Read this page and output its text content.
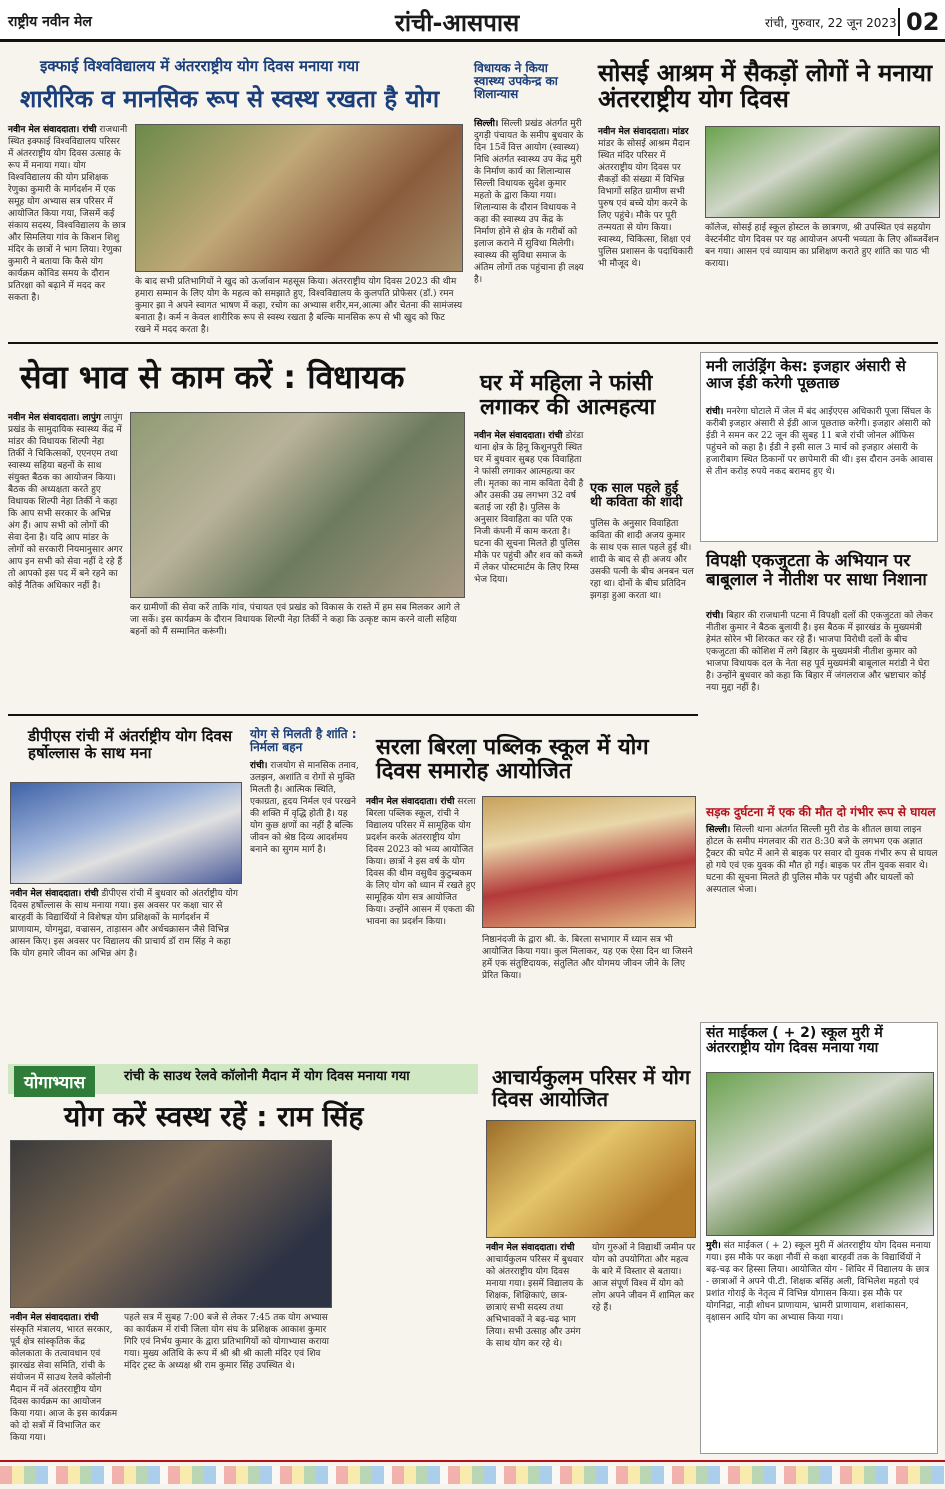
राष्ट्रीय नवीन मेल	रांची-आसपास	रांची, गुरुवार, 22 जून 2023 02
इक्फाई विश्वविद्यालय में अंतरराष्ट्रीय योग दिवस मनाया गया
शारीरिक व मानसिक रूप से स्वस्थ रखता है योग
नवीन मेल संवाददाता। रांची राजधानी स्थित इक्फाई विश्वविद्यालय परिसर में अंतरराष्ट्रीय योग दिवस उत्साह के रूप में मनाया गया। योग विश्वविद्यालय की योग प्रशिक्षक रेणुका कुमारी के मार्गदर्शन में एक समूह योग अभ्यास सत्र परिसर में आयोजित किया गया, जिसमें कई संकाय सदस्य, विश्वविद्यालय के छात्र और सिमलिया गांव के किशन शिशु मंदिर के छात्रों ने भाग लिया। रेणुका कुमारी ने बताया कि कैसे योग कार्यक्रम कोविड समय के दौरान प्रतिरक्षा को बढ़ाने में मदद कर सकता है।
के बाद सभी प्रतिभागियों ने खुद को ऊर्जावान महसूस किया। अंतरराष्ट्रीय योग दिवस 2023 की थीम हमारा सम्मान के लिए योग के महत्व को समझाते हुए, विश्वविद्यालय के कुलपति प्रोफेसर (डॉ.) रमन कुमार झा ने अपने स्वागत भाषण में कहा, रचोग का अभ्यास शरीर,मन,आत्मा और चेतना की सामंजस्य बनाता है। कर्म न केवल शारीरिक रूप से स्वस्थ रखता है बल्कि मानसिक रूप से भी खुद को फिट रखने में मदद करता है।
विधायक ने किया स्वास्थ्य उपकेन्द्र का शिलान्यास
सिल्ली। सिल्ली प्रखंड अंतर्गत मुरी दुगड़ी पंचायत के समीप बुधवार के दिन 15वें वित्त आयोग (स्वास्थ्य) निधि अंतर्गत स्वास्थ्य उप केंद्र मुरी के निर्माण कार्य का शिलान्यास सिल्ली विधायक सुदेश कुमार महतो के द्वारा किया गया। शिलान्यास के दौरान विधायक ने कहा की स्वास्थ्य उप केंद्र के निर्माण होने से क्षेत्र के गरीबों को इलाज कराने में सुविधा मिलेगी। स्वास्थ्य की सुविधा समाज के अंतिम लोगों तक पहुंचाना ही लक्ष्य है।
सोसई आश्रम में सैकड़ों लोगों ने मनाया अंतरराष्ट्रीय योग दिवस
नवीन मेल संवाददाता। मांडर मांडर के सोसई आश्रम मैदान स्थित मंदिर परिसर में अंतरराष्ट्रीय योग दिवस पर सैकड़ों की संख्या में विभिन्न विभागों सहित ग्रामीण सभी पुरुष एवं बच्चे योग करने के लिए पहुंचे। मौके पर पूरी तन्मयता से योग किया। स्वास्थ्य, चिकित्सा, शिक्षा एवं पुलिस प्रशासन के पदाधिकारी भी मौजूद थे।
कॉलेज, सोसई हाई स्कूल होस्टल के छात्रगण, श्री उपस्थित एवं सहयोग वेस्टर्नमीट योग दिवस पर यह आयोजन अपनी भव्यता के लिए ऑब्जर्वेशन बन गया। आसन एवं व्यायाम का प्रशिक्षण कराते हुए शांति का पाठ भी कराया।
मनी लाउंड्रिंग केस: इजहार अंसारी से आज ईडी करेगी पूछताछ
रांची। मनरेगा घोटाले में जेल में बंद आईएएस अधिकारी पूजा सिंघल के करीबी इजहार अंसारी से ईडी आज पूछताछ करेगी। इजहार अंसारी को ईडी ने समन कर 22 जून की सुबह 11 बजे रांची जोनल ऑफिस पहुंचने को कहा है। ईडी ने इसी साल 3 मार्च को इजहार अंसारी के हजारीबाग स्थित ठिकानों पर छापेमारी की थी। इस दौरान उनके आवास से तीन करोड़ रुपये नकद बरामद हुए थे।
सेवा भाव से काम करें : विधायक
नवीन मेल संवाददाता। लापुंग लापुंग प्रखंड के सामुदायिक स्वास्थ्य केंद्र में मांडर की विधायक शिल्पी नेहा तिर्की ने चिकित्सकों, एएनएम तथा स्वास्थ्य सहिया बहनों के साथ संयुक्त बैठक का आयोजन किया। बैठक की अध्यक्षता करते हुए विधायक शिल्पी नेहा तिर्की ने कहा कि आप सभी सरकार के अभिन्न अंग हैं। आप सभी को लोगों की सेवा देना है। यदि आप मांडर के लोगों को सरकारी नियमानुसार अगर आप इन सभी को सेवा नहीं दे रहे हैं तो आपको इस पद में बने रहने का कोई नैतिक अधिकार नहीं है।
कर ग्रामीणों की सेवा करें ताकि गांव, पंचायत एवं प्रखंड को विकास के रास्ते में हम सब मिलकर आगे ले जा सकें। इस कार्यक्रम के दौरान विधायक शिल्पी नेहा तिर्की ने कहा कि उत्कृष्ट काम करने वाली सहिया बहनों को मैं सम्मानित करूंगी।
घर में महिला ने फांसी लगाकर की आत्महत्या
नवीन मेल संवाददाता। रांची डोरंडा थाना क्षेत्र के हिनू किशुनपुरी स्थित घर में बुधवार सुबह एक विवाहिता ने फांसी लगाकर आत्महत्या कर ली। मृतका का नाम कविता देवी है और उसकी उम्र लगभग 32 वर्ष बताई जा रही है। पुलिस के अनुसार विवाहिता का पति एक निजी कंपनी में काम करता है। घटना की सूचना मिलते ही पुलिस मौके पर पहुंची और शव को कब्जे में लेकर पोस्टमार्टम के लिए रिम्स भेज दिया।
एक साल पहले हुई थी कविता की शादी
पुलिस के अनुसार विवाहिता कविता की शादी अजय कुमार के साथ एक साल पहले हुई थी। शादी के बाद से ही अजय और उसकी पत्नी के बीच अनबन चल रहा था। दोनों के बीच प्रतिदिन झगड़ा हुआ करता था।
विपक्षी एकजुटता के अभियान पर बाबूलाल ने नीतीश पर साधा निशाना
रांची। बिहार की राजधानी पटना में विपक्षी दलों की एकजुटता को लेकर नीतीश कुमार ने बैठक बुलायी है। इस बैठक में झारखंड के मुख्यमंत्री हेमंत सोरेन भी शिरकत कर रहे हैं। भाजपा विरोधी दलों के बीच एकजुटता की कोशिश में लगे बिहार के मुख्यमंत्री नीतीश कुमार को भाजपा विधायक दल के नेता सह पूर्व मुख्यमंत्री बाबूलाल मरांडी ने घेरा है। उन्होंने बुधवार को कहा कि बिहार में जंगलराज और भ्रष्टाचार कोई नया मुद्दा नहीं है।
सड़क दुर्घटना में एक की मौत दो गंभीर रूप से घायल
सिल्ली। सिल्ली थाना अंतर्गत सिल्ली मुरी रोड के शीतल छाया लाइन होटल के समीप मंगलवार की रात 8:30 बजे के लगभग एक अज्ञात ट्रैक्टर की चपेट में आने से बाइक पर सवार दो युवक गंभीर रूप से घायल हो गये एवं एक युवक की मौत हो गई। बाइक पर तीन युवक सवार थे। घटना की सूचना मिलते ही पुलिस मौके पर पहुंची और घायलों को अस्पताल भेजा।
डीपीएस रांची में अंतर्राष्ट्रीय योग दिवस हर्षोल्लास के साथ मना
नवीन मेल संवाददाता। रांची डीपीएस रांची में बुधवार को अंतर्राष्ट्रीय योग दिवस हर्षोल्लास के साथ मनाया गया। इस अवसर पर कक्षा चार से बारहवीं के विद्यार्थियों ने विशेषज्ञ योग प्रशिक्षकों के मार्गदर्शन में प्राणायाम, योगमुद्रा, वज्रासन, ताड़ासन और अर्धचक्रासन जैसे विभिन्न आसन किए। इस अवसर पर विद्यालय की प्राचार्य डॉ राम सिंह ने कहा कि योग हमारे जीवन का अभिन्न अंग है।
योग से मिलती है शांति : निर्मला बहन
रांची। राजयोग से मानसिक तनाव, उलझन, अशांति व रोगों से मुक्ति मिलती है। आत्मिक स्थिति, एकाग्रता, हृदय निर्मल एवं परखने की शक्ति में वृद्धि होती है। यह योग कुछ क्षणों का नहीं है बल्कि जीवन को श्रेष्ठ दिव्य आदर्शमय बनाने का सुगम मार्ग है।
सरला बिरला पब्लिक स्कूल में योग दिवस समारोह आयोजित
नवीन मेल संवाददाता। रांची सरला बिरला पब्लिक स्कूल, रांची ने विद्यालय परिसर में सामूहिक योग प्रदर्शन करके अंतरराष्ट्रीय योग दिवस 2023 को भव्य आयोजित किया। छात्रों ने इस वर्ष के योग दिवस की थीम वसुधैव कुटुम्बकम के लिए योग को ध्यान में रखते हुए सामूहिक योग सत्र आयोजित किया। उन्होंने आसन में एकता की भावना का प्रदर्शन किया।
निष्ठानंदजी के द्वारा श्री. के. बिरला सभागार में ध्यान सत्र भी आयोजित किया गया। कुल मिलाकर, यह एक ऐसा दिन था जिसने हमें एक संतुष्टिदायक, संतुलित और योगमय जीवन जीने के लिए प्रेरित किया।
योगाभ्यास	रांची के साउथ रेलवे कॉलोनी मैदान में योग दिवस मनाया गया
योग करें स्वस्थ रहें : राम सिंह
नवीन मेल संवाददाता। रांची संस्कृति मंत्रालय, भारत सरकार, पूर्व क्षेत्र सांस्कृतिक केंद्र कोलकाता के तत्वावधान एवं झारखंड सेवा समिति, रांची के संयोजन में साउथ रेलवे कॉलोनी मैदान में नवें अंतरराष्ट्रीय योग दिवस कार्यक्रम का आयोजन किया गया। आज के इस कार्यक्रम को दो सत्रों में विभाजित कर किया गया।
पहले सत्र में सुबह 7:00 बजे से लेकर 7:45 तक योग अभ्यास का कार्यक्रम में रांची जिला योग संघ के प्रशिक्षक आकाश कुमार गिरि एवं निर्भय कुमार के द्वारा प्रतिभागियों को योगाभ्यास कराया गया। मुख्य अतिथि के रूप में श्री श्री श्री काली मंदिर एवं शिव मंदिर ट्रस्ट के अध्यक्ष श्री राम कुमार सिंह उपस्थित थे।
आचार्यकुलम परिसर में योग दिवस आयोजित
नवीन मेल संवाददाता। रांची आचार्यकुलम परिसर में बुधवार को अंतरराष्ट्रीय योग दिवस मनाया गया। इसमें विद्यालय के शिक्षक, शिक्षिकाएं, छात्र-छात्राएं सभी सदस्य तथा अभिभावकों ने बढ़-चढ़ भाग लिया। सभी उत्साह और उमंग के साथ योग कर रहे थे।
योग गुरुओं ने विद्यार्थी जमीन पर योग को उपयोगिता और महत्व के बारे में विस्तार से बताया। आज संपूर्ण विश्व में योग को लोग अपने जीवन में शामिल कर रहे हैं।
संत माईकल ( + 2) स्कूल मुरी में अंतरराष्ट्रीय योग दिवस मनाया गया
मुरी। संत माईकल ( + 2) स्कूल मुरी में अंतरराष्ट्रीय योग दिवस मनाया गया। इस मौके पर कक्षा नौवीं से कक्षा बारहवीं तक के विद्यार्थियों ने बढ़-चढ़ कर हिस्सा लिया। आयोजित योग - शिविर में विद्यालय के छात्र - छात्राओं ने अपने पी.टी. शिक्षक बसिंह अली, विभिलेश महतो एवं प्रशांत गोराई के नेतृत्व में विभिन्न योगासन किया। इस मौके पर योगनिद्रा, नाड़ी शोधन प्राणायाम, भ्रामरी प्राणायाम, शशांकासन, वृक्षासन आदि योग का अभ्यास किया गया।
